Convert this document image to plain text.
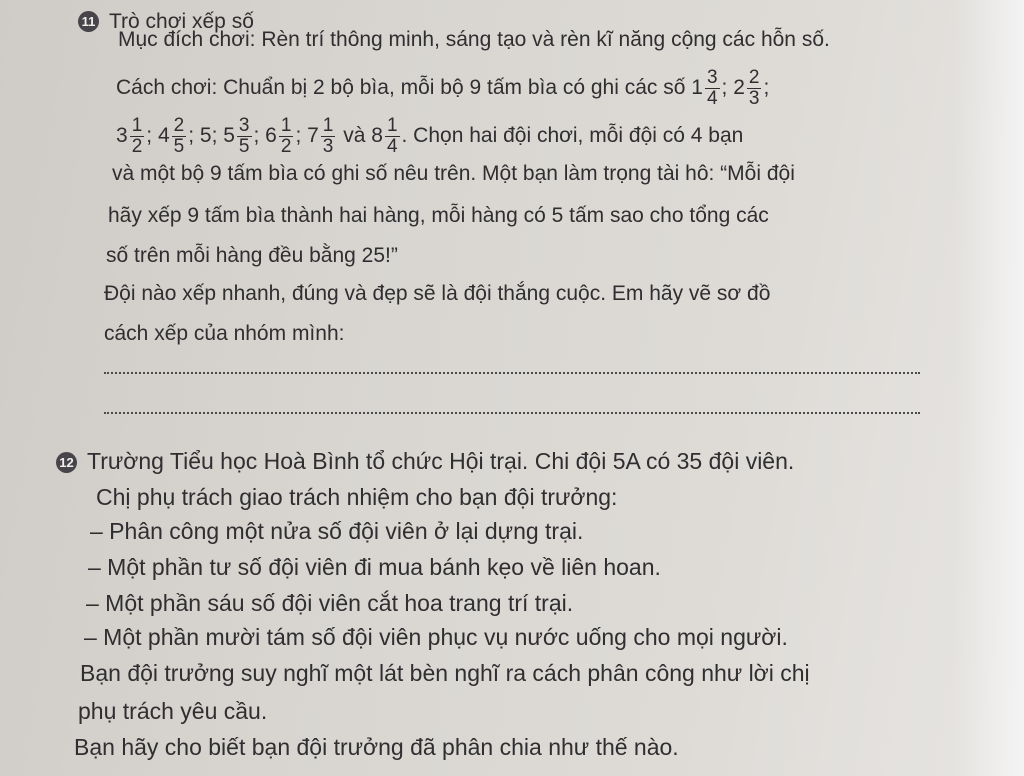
11 Trò chơi xếp số
Mục đích chơi: Rèn trí thông minh, sáng tạo và rèn kĩ năng cộng các hỗn số.
Cách chơi: Chuẩn bị 2 bộ bìa, mỗi bộ 9 tấm bìa có ghi các số $1 \frac{3}{4}$ ; $2 \frac{2}{3}$ ;
$3 \frac{1}{2}$ ; $4 \frac{2}{5}$ ; 5; $5 \frac{3}{5}$ ; $6 \frac{1}{2}$ ; $7 \frac{1}{3}$ và $8 \frac{1}{4}$ . Chọn hai đội chơi, mỗi đội có 4 bạn
và một bộ 9 tấm bìa có ghi số nêu trên. Một bạn làm trọng tài hô: “Mỗi đội
hãy xếp 9 tấm bìa thành hai hàng, mỗi hàng có 5 tấm sao cho tổng các
số trên mỗi hàng đều bằng 25!”
Đội nào xếp nhanh, đúng và đẹp sẽ là đội thắng cuộc. Em hãy vẽ sơ đồ
cách xếp của nhóm mình:
12 Trường Tiểu học Hoà Bình tổ chức Hội trại. Chi đội 5A có 35 đội viên.
Chị phụ trách giao trách nhiệm cho bạn đội trưởng:
– Phân công một nửa số đội viên ở lại dựng trại.
– Một phần tư số đội viên đi mua bánh kẹo về liên hoan.
– Một phần sáu số đội viên cắt hoa trang trí trại.
– Một phần mười tám số đội viên phục vụ nước uống cho mọi người.
Bạn đội trưởng suy nghĩ một lát bèn nghĩ ra cách phân công như lời chị
phụ trách yêu cầu.
Bạn hãy cho biết bạn đội trưởng đã phân chia như thế nào.
